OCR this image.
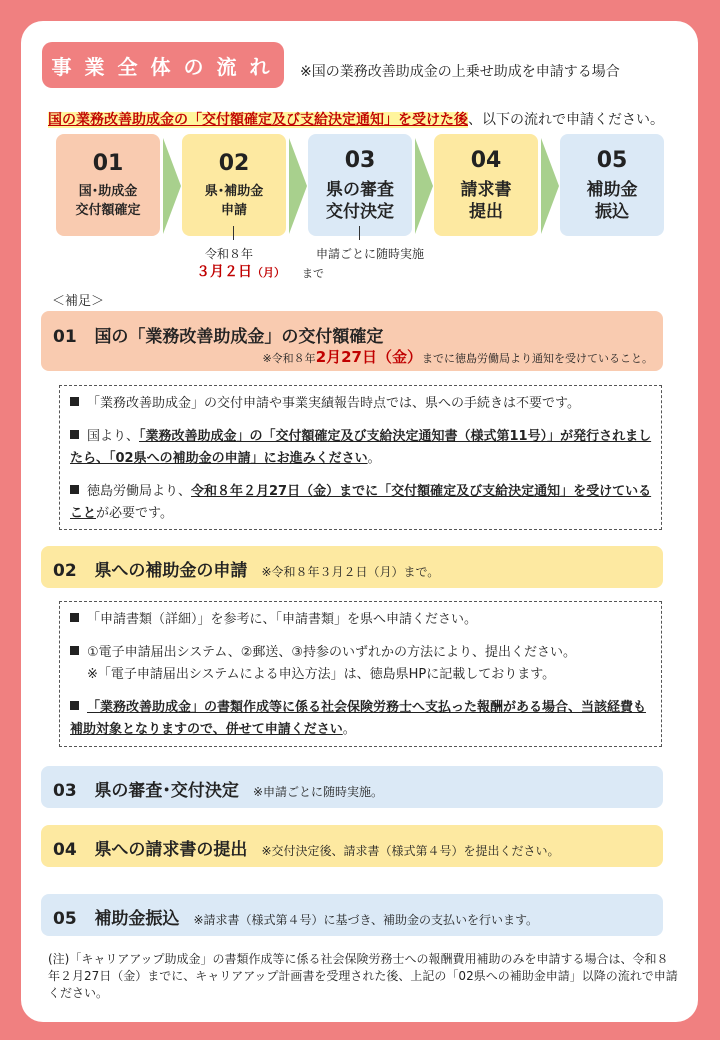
事業全体の流れ ※国の業務改善助成金の上乗せ助成を申請する場合
国の業務改善助成金の「交付額確定及び支給決定通知」を受けた後、以下の流れで申請ください。
01
国･助成金
交付額確定
02
県･補助金
申請
03
県の審査
交付決定
04
請求書
提出
05
補助金
振込
令和８年
３月２日（月） まで
申請ごとに随時実施
＜補足＞
01 国の「業務改善助成金」の交付額確定
※令和８年2月27日（金）までに徳島労働局より通知を受けていること。
「業務改善助成金」の交付申請や事業実績報告時点では、県への手続きは不要です。
国より、「業務改善助成金」の「交付額確定及び支給決定通知書（様式第11号）」が発行されましたら、「02県への補助金の申請」にお進みください。
徳島労働局より、令和８年２月27日（金）までに「交付額確定及び支給決定通知」を受けていることが必要です。
02 県への補助金の申請 ※令和８年３月２日（月）まで。
「申請書類（詳細）」を参考に、「申請書類」を県へ申請ください。
①電子申請届出システム、②郵送、③持参のいずれかの方法により、提出ください。
※「電子申請届出システムによる申込方法」は、徳島県HPに記載しております。
「業務改善助成金」の書類作成等に係る社会保険労務士へ支払った報酬がある場合、当該経費も補助対象となりますので、併せて申請ください。
03 県の審査･交付決定 ※申請ごとに随時実施。
04 県への請求書の提出 ※交付決定後、請求書（様式第４号）を提出ください。
05 補助金振込 ※請求書（様式第４号）に基づき、補助金の支払いを行います。
(注)「キャリアアップ助成金」の書類作成等に係る社会保険労務士への報酬費用補助のみを申請する場合は、令和８年２月27日（金）までに、キャリアアップ計画書を受理された後、上記の「02県への補助金申請」以降の流れで申請ください。
